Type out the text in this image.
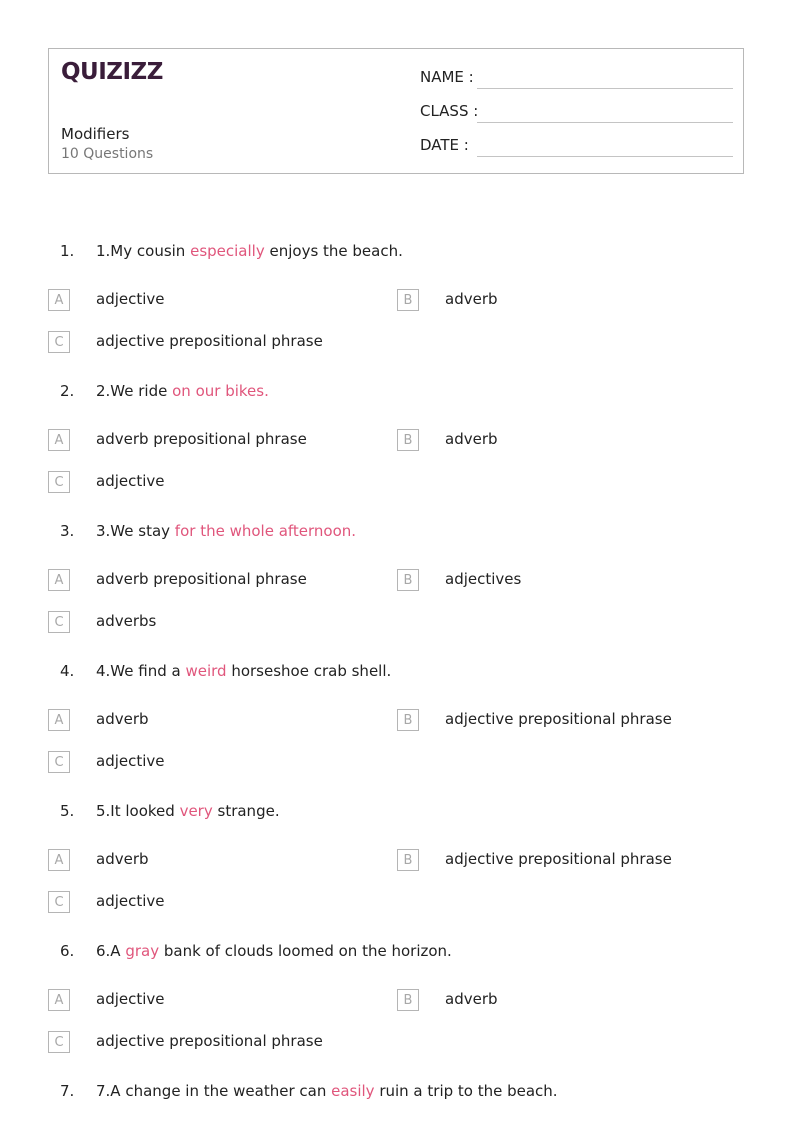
QUIZIZZ
Modifiers
10 Questions
NAME :
CLASS :
DATE :
1. 1.My cousin especially enjoys the beach.
A	adjective	B	adverb
C	adjective prepositional phrase
2. 2.We ride on our bikes.
A	adverb prepositional phrase	B	adverb
C	adjective
3. 3.We stay for the whole afternoon.
A	adverb prepositional phrase	B	adjectives
C	adverbs
4. 4.We find a weird horseshoe crab shell.
A	adverb	B	adjective prepositional phrase
C	adjective
5. 5.It looked very strange.
A	adverb	B	adjective prepositional phrase
C	adjective
6. 6.A gray bank of clouds loomed on the horizon.
A	adjective	B	adverb
C	adjective prepositional phrase
7. 7.A change in the weather can easily ruin a trip to the beach.
